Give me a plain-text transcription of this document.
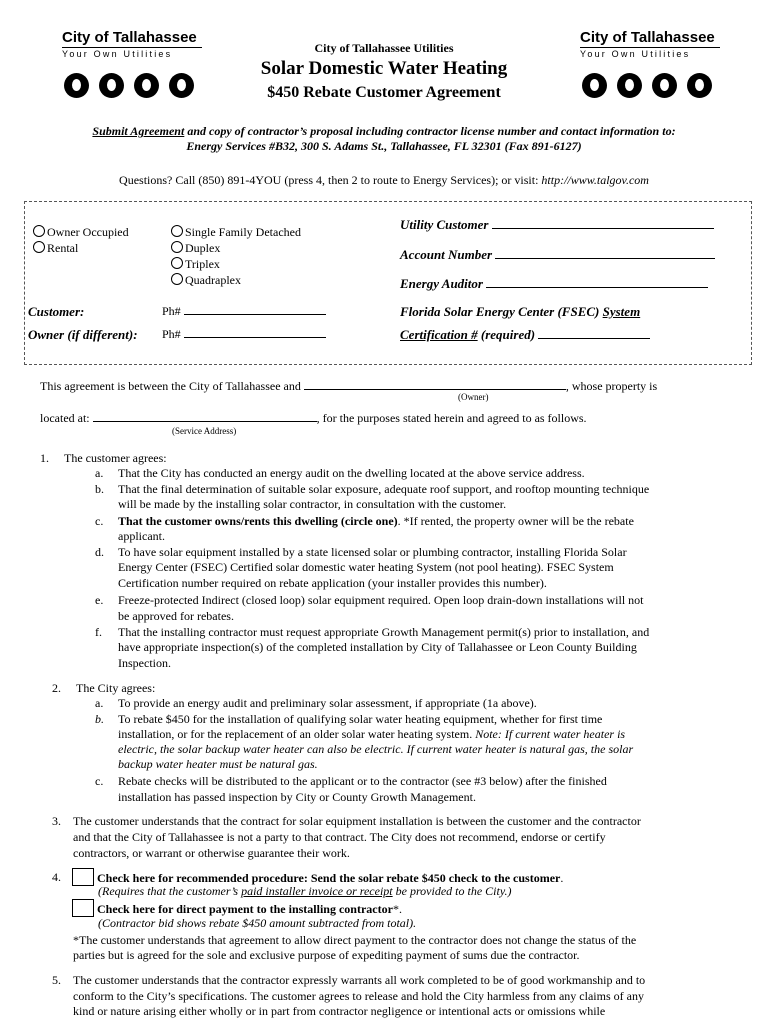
City of Tallahassee
Your Own Utilities
City of Tallahassee
Your Own Utilities
City of Tallahassee Utilities
Solar Domestic Water Heating
$450 Rebate Customer Agreement
Submit Agreement and copy of contractor’s proposal including contractor license number and contact information to:
Energy Services #B32, 300 S. Adams St., Tallahassee, FL 32301 (Fax 891-6127)
Questions? Call (850) 891-4YOU (press 4, then 2 to route to Energy Services); or visit: http://www.talgov.com
Owner Occupied
Rental
Single Family Detached
Duplex
Triplex
Quadraplex
Customer:	Ph#
Owner (if different): Ph#
Utility Customer
Account Number
Energy Auditor
Florida Solar Energy Center (FSEC) System
Certification # (required)
This agreement is between the City of Tallahassee and	, whose property is
(Owner)
located at:	, for the purposes stated herein and agreed to as follows.
(Service Address)
1. The customer agrees:
a. That the City has conducted an energy audit on the dwelling located at the above service address.
b. That the final determination of suitable solar exposure, adequate roof support, and rooftop mounting technique
will be made by the installing solar contractor, in consultation with the customer.
c. That the customer owns/rents this dwelling (circle one). *If rented, the property owner will be the rebate
applicant.
d. To have solar equipment installed by a state licensed solar or plumbing contractor, installing Florida Solar
Energy Center (FSEC) Certified solar domestic water heating System (not pool heating). FSEC System
Certification number required on rebate application (your installer provides this number).
e. Freeze-protected Indirect (closed loop) solar equipment required. Open loop drain-down installations will not
be approved for rebates.
f. That the installing contractor must request appropriate Growth Management permit(s) prior to installation, and
have appropriate inspection(s) of the completed installation by City of Tallahassee or Leon County Building
Inspection.
2. The City agrees:
a. To provide an energy audit and preliminary solar assessment, if appropriate (1a above).
b. To rebate $450 for the installation of qualifying solar water heating equipment, whether for first time
installation, or for the replacement of an older solar water heating system. Note: If current water heater is
electric, the solar backup water heater can also be electric. If current water heater is natural gas, the solar
backup water heater must be natural gas.
c. Rebate checks will be distributed to the applicant or to the contractor (see #3 below) after the finished
installation has passed inspection by City or County Growth Management.
3. The customer understands that the contract for solar equipment installation is between the customer and the contractor
and that the City of Tallahassee is not a party to that contract. The City does not recommend, endorse or certify
contractors, or warrant or otherwise guarantee their work.
4.	Check here for recommended procedure: Send the solar rebate $450 check to the customer.
(Requires that the customer’s paid installer invoice or receipt be provided to the City.)
Check here for direct payment to the installing contractor*.
(Contractor bid shows rebate $450 amount subtracted from total).
*The customer understands that agreement to allow direct payment to the contractor does not change the status of the
parties but is agreed for the sole and exclusive purpose of expediting payment of sums due the contractor.
5. The customer understands that the contractor expressly warrants all work completed to be of good workmanship and to
conform to the City’s specifications. The customer agrees to release and hold the City harmless from any claims of any
kind or nature arising either wholly or in part from contractor negligence or intentional acts or omissions while
